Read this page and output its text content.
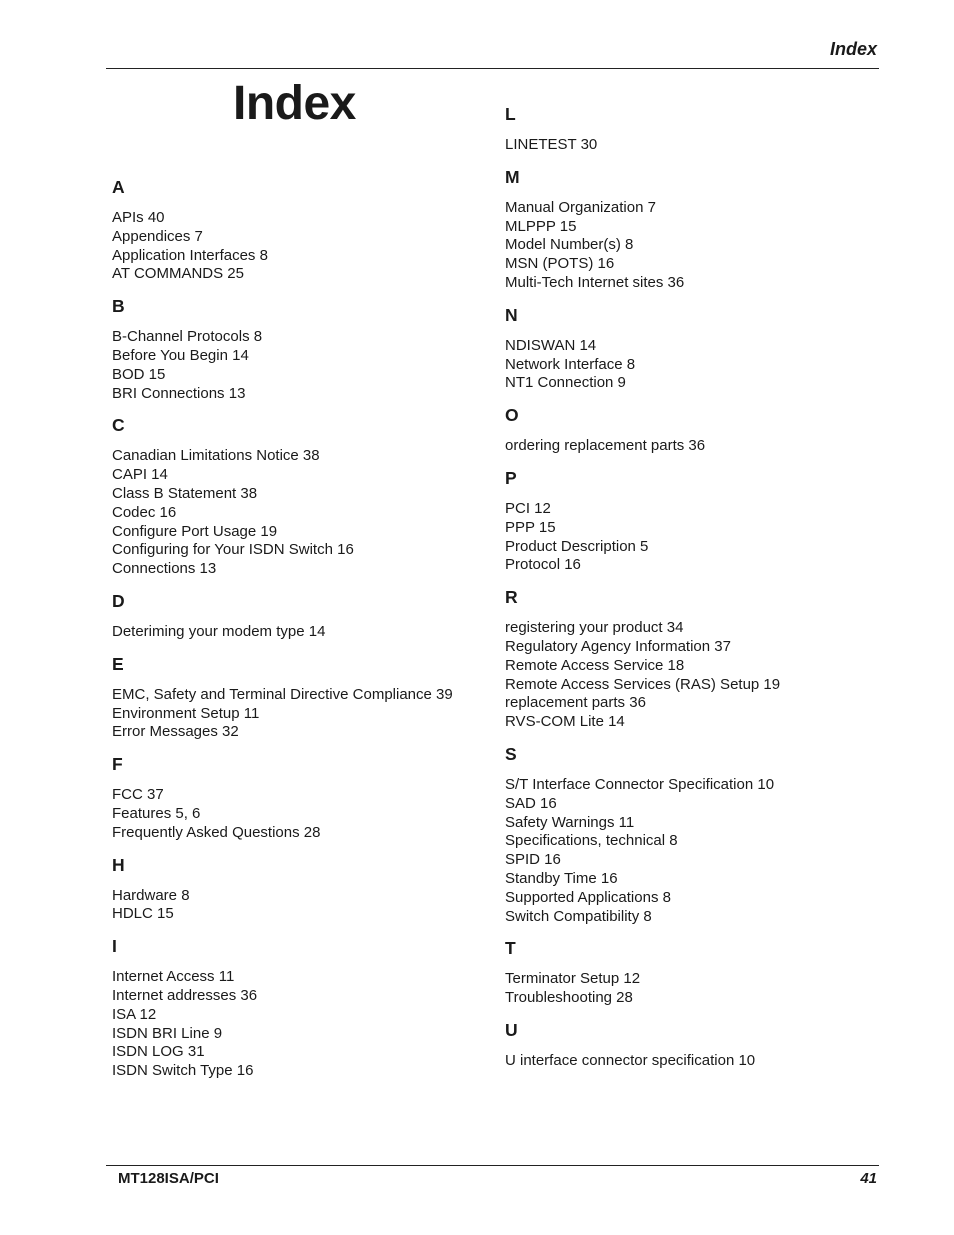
Index
Index
A
APIs 40
Appendices 7
Application Interfaces 8
AT COMMANDS 25
B
B-Channel Protocols 8
Before You Begin 14
BOD 15
BRI Connections 13
C
Canadian Limitations Notice 38
CAPI 14
Class B Statement 38
Codec 16
Configure Port Usage 19
Configuring for Your ISDN Switch 16
Connections 13
D
Deteriming your modem type 14
E
EMC, Safety and Terminal Directive Compliance 39
Environment Setup 11
Error Messages 32
F
FCC 37
Features 5, 6
Frequently Asked Questions 28
H
Hardware 8
HDLC 15
I
Internet Access 11
Internet addresses 36
ISA 12
ISDN BRI Line 9
ISDN LOG 31
ISDN Switch Type 16
L
LINETEST 30
M
Manual Organization 7
MLPPP 15
Model Number(s) 8
MSN (POTS) 16
Multi-Tech Internet sites 36
N
NDISWAN 14
Network Interface 8
NT1 Connection 9
O
ordering replacement parts 36
P
PCI 12
PPP 15
Product Description 5
Protocol 16
R
registering your product 34
Regulatory Agency Information 37
Remote Access Service 18
Remote Access Services (RAS) Setup 19
replacement parts 36
RVS-COM Lite 14
S
S/T Interface Connector Specification 10
SAD 16
Safety Warnings 11
Specifications, technical 8
SPID 16
Standby Time 16
Supported Applications 8
Switch Compatibility 8
T
Terminator Setup 12
Troubleshooting 28
U
U interface connector specification 10
MT128ISA/PCI	41
